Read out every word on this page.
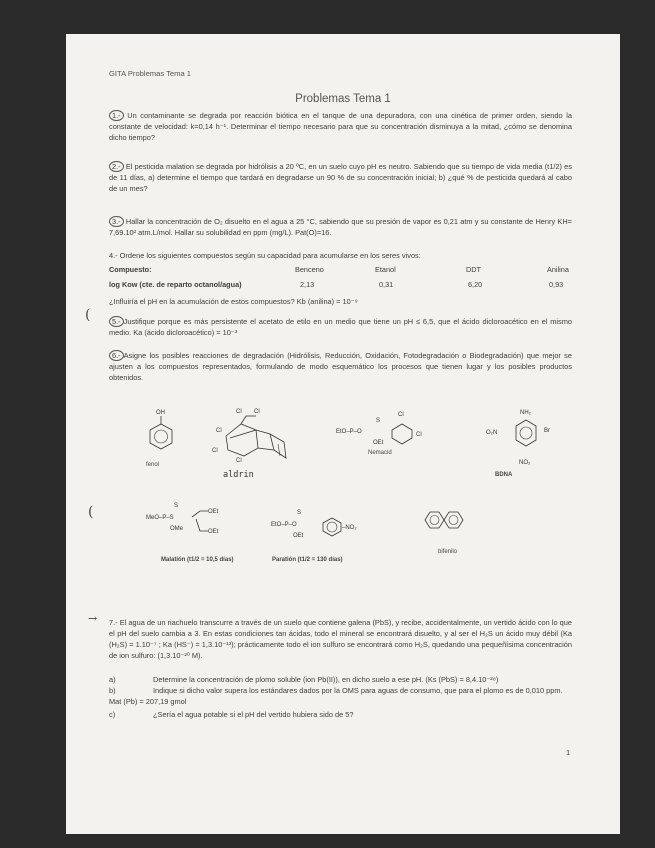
GITA Problemas Tema 1
Problemas Tema 1
1.- Un contaminante se degrada por reacción biótica en el tanque de una depuradora, con una cinética de primer orden, siendo la constante de velocidad: k=0,14 h⁻¹. Determinar el tiempo necesario para que su concentración disminuya a la mitad, ¿cómo se denomina dicho tiempo?
2.- El pesticida malation se degrada por hidrólisis a 20 ºC, en un suelo cuyo pH es neutro. Sabiendo que su tiempo de vida media (t1/2) es de 11 días, a) determine el tiempo que tardará en degradarse un 90 % de su concentración inicial; b) ¿qué % de pesticida quedará al cabo de un mes?
3.- Hallar la concentración de O₂ disuelto en el agua a 25 °C, sabiendo que su presión de vapor es 0,21 atm y su constante de Henry KH= 7,69.10² atm.L/mol. Hallar su solubilidad en ppm (mg/L). Pat(O)=16.
4.- Ordene los siguientes compuestos según su capacidad para acumularse en los seres vivos:
Compuesto:	Benceno	Etanol	DDT	Anilina
log Kow (cte. de reparto octanol/agua)	2,13	0,31	6,20	0,93
¿Influiría el pH en la acumulación de estos compuestos? Kb (anilina) = 10⁻⁹
(	5.- Justifique porque es más persistente el acetato de etilo en un medio que tiene un pH ≤ 6,5, que el ácido dicloroacético en el mismo medio. Ka (ácido dicloroacético) = 10⁻³
6.- Asigne los posibles reacciones de degradación (Hidrólisis, Reducción, Oxidación, Fotodegradación o Biodegradación) que mejor se ajusten a los compuestos representados, formulando de modo esquemático los procesos que tienen lugar y los posibles productos obtenidos.
OH
fenol
Cl Cl
Cl
Cl
Cl
aldrin
S
EtO–P–O
OEt
Cl
Cl
Nemacid
NH₂
O₂N	Br
NO₂
BDNA
(	S
MeO–P–S
OMe
OEt
OEt
Malatión (t1/2 = 10,5 días)
S
EtO–P–O
OEt
–NO₂
Paratión (t1/2 = 130 días)
bifenilo
→ 7.- El agua de un riachuelo transcurre a través de un suelo que contiene galena (PbS), y recibe, accidentalmente, un vertido ácido con lo que el pH del suelo cambia a 3. En estas condiciones tan ácidas, todo el mineral se encontrará disuelto, y al ser el H₂S un ácido muy débil (Ka (H₂S) = 1.10⁻⁷ ; Ka (HS⁻) = 1,3.10⁻¹³); prácticamente todo el ion sulfuro se encontrará como H₂S, quedando una pequeñísima concentración de ion sulfuro: (1,3.10⁻²⁰ M).
a)	Determine la concentración de plomo soluble (ion Pb(II)), en dicho suelo a ese pH. (Ks (PbS) = 8,4.10⁻²⁸)
b)	Indique si dicho valor supera los estándares dados por la OMS para aguas de consumo, que para el plomo es de 0,010 ppm. Mat (Pb) = 207,19 gmol
c)	¿Sería el agua potable si el pH del vertido hubiera sido de 5?
1
